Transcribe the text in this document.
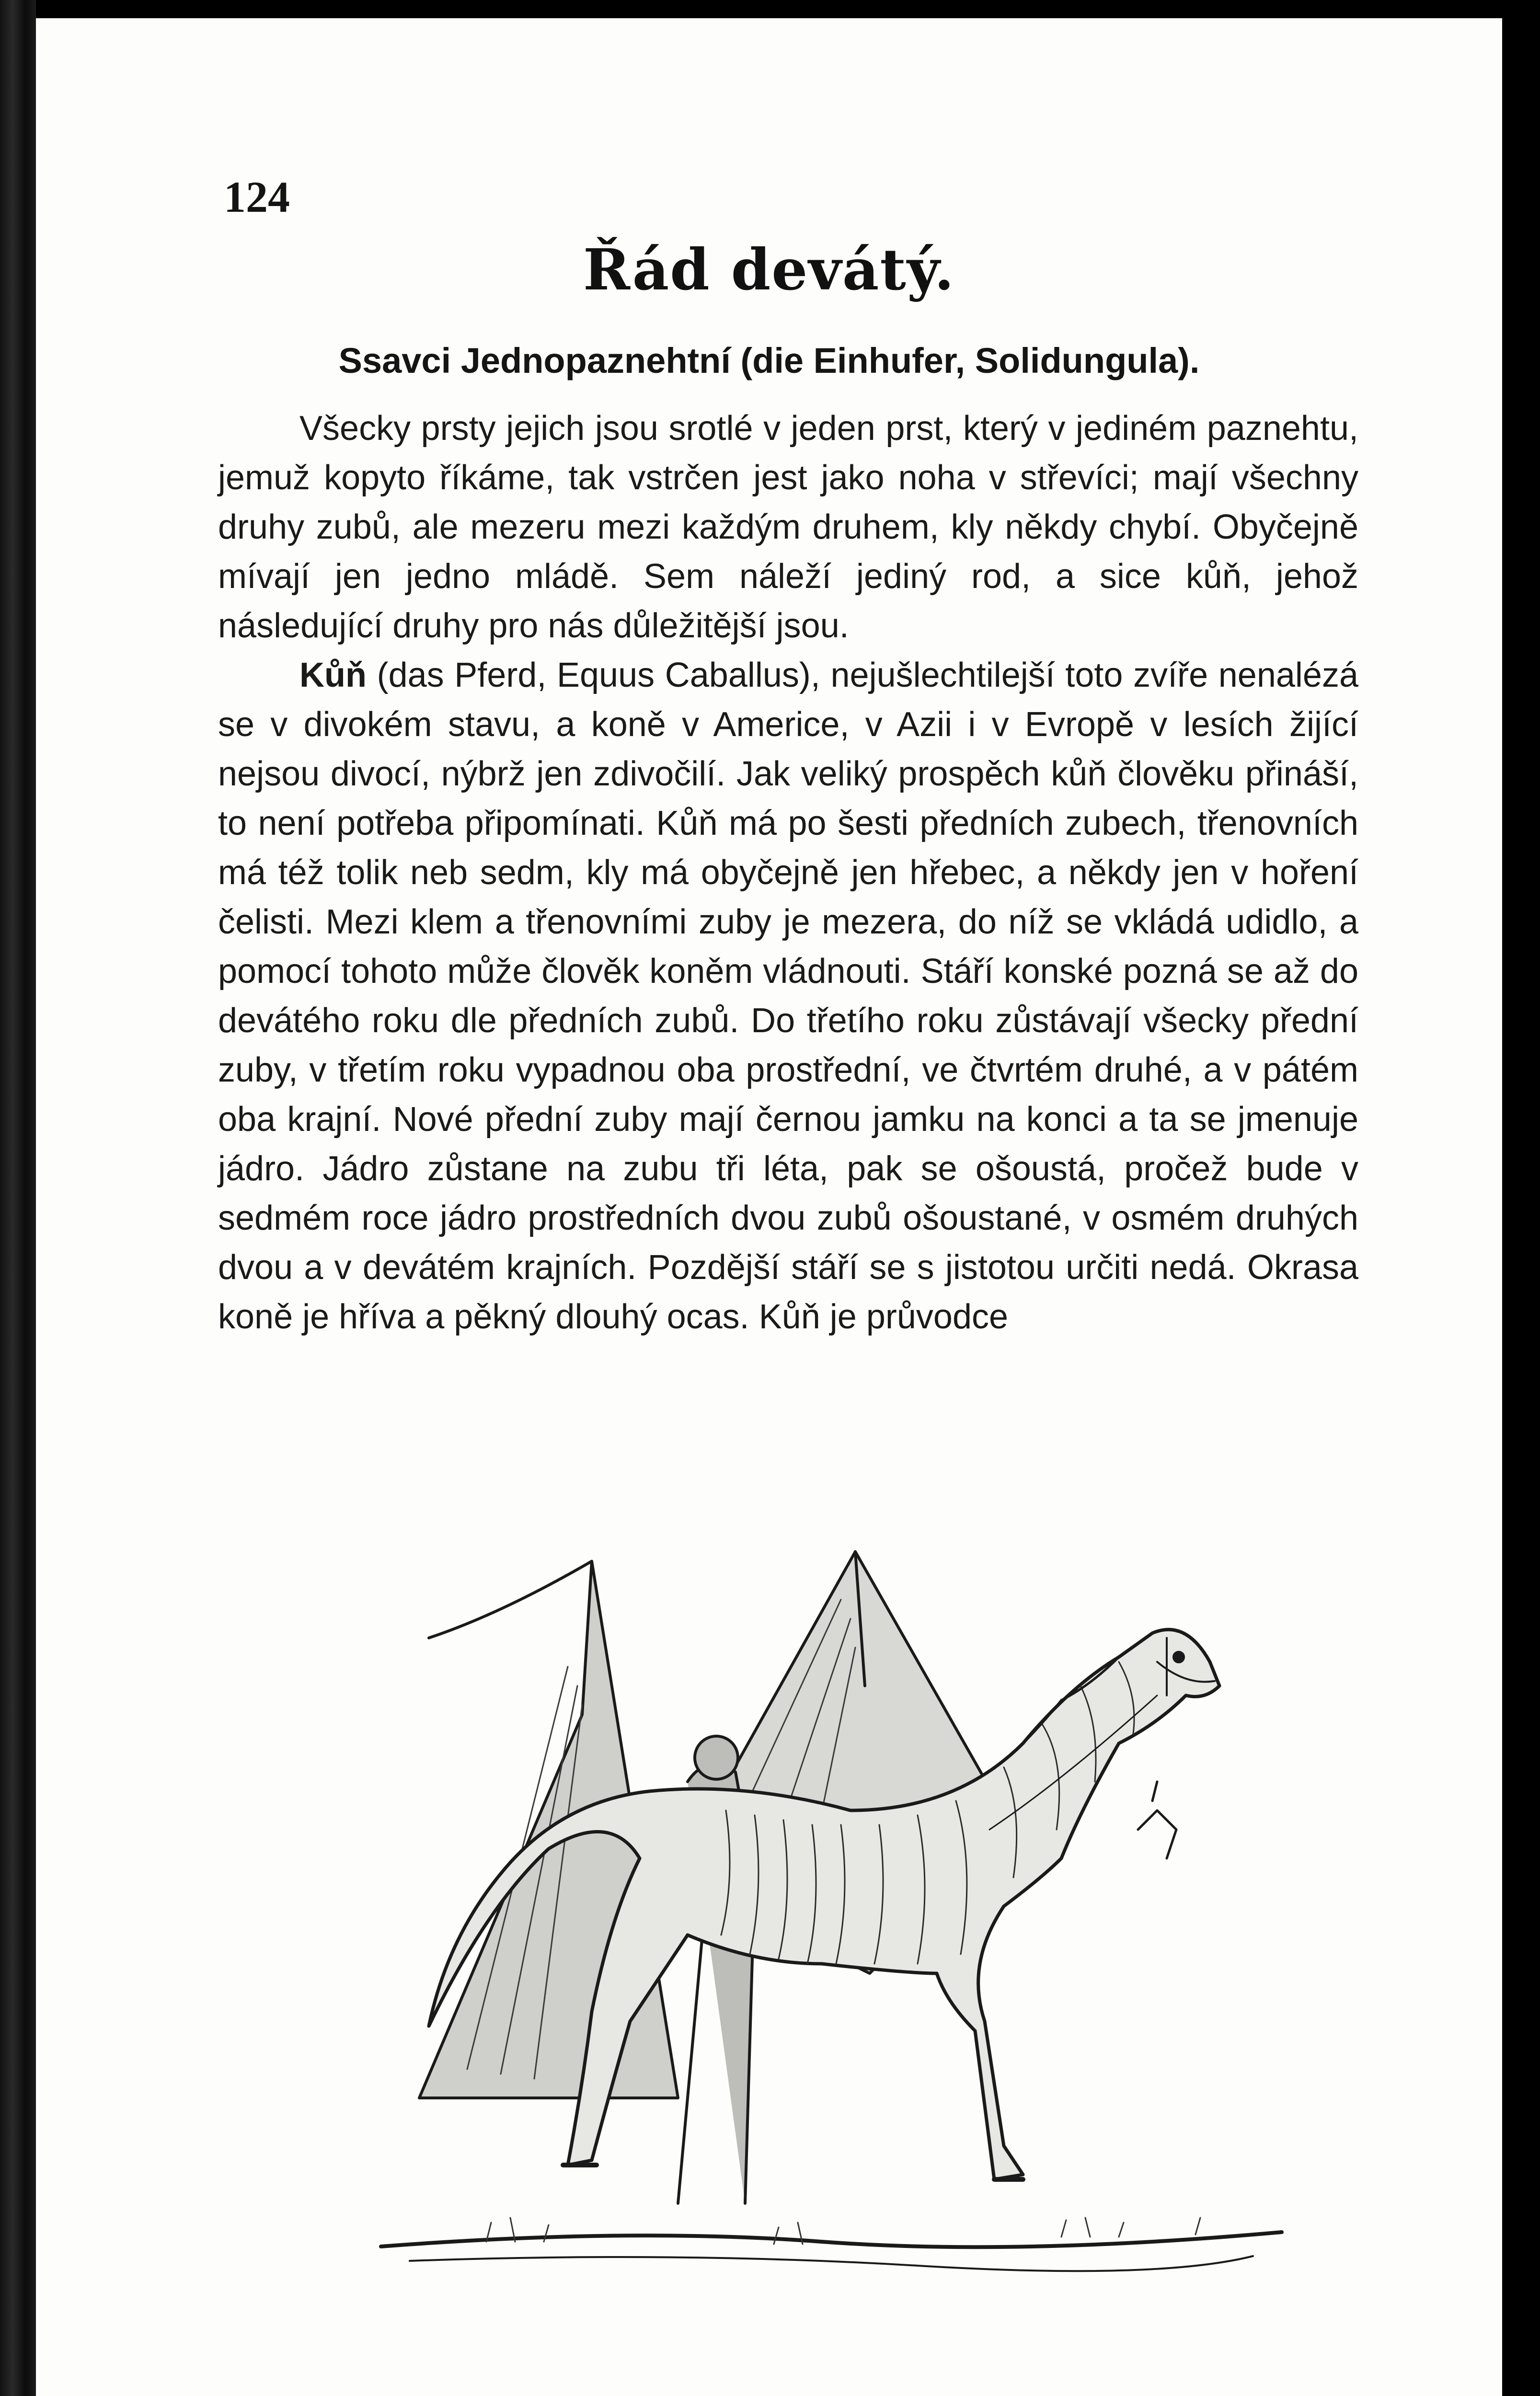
124

Řád devátý.
Ssavci Jednopaznehtní (die Einhufer, Solidungula).

Všecky prsty jejich jsou srotlé v jeden prst, který v jediném paznehtu, jemuž kopyto říkáme, tak vstrčen jest jako noha v střevíci; mají všechny druhy zubů, ale mezeru mezi každým druhem, kly někdy chybí. Obyčejně mívají jen jedno mládě. Sem náleží jediný rod, a sice kůň, jehož následující druhy pro nás důležitější jsou.

Kůň (das Pferd, Equus Caballus), nejušlechtilejší toto zvíře nenalézá se v divokém stavu, a koně v Americe, v Azii i v Evropě v lesích žijící nejsou divocí, nýbrž jen zdivočilí. Jak veliký prospěch kůň člověku přináší, to není potřeba připomínati. Kůň má po šesti předních zubech, třenovních má též tolik neb sedm, kly má obyčejně jen hřebec, a někdy jen v hoření čelisti. Mezi klem a třenovními zuby je mezera, do níž se vkládá udidlo, a pomocí tohoto může člověk koněm vládnouti. Stáří konské pozná se až do devátého roku dle předních zubů. Do třetího roku zůstávají všecky přední zuby, v třetím roku vypadnou oba prostřední, ve čtvrtém druhé, a v pátém oba krajní. Nové přední zuby mají černou jamku na konci a ta se jmenuje jádro. Jádro zůstane na zubu tři léta, pak se ošoustá, pročež bude v sedmém roce jádro prostředních dvou zubů ošoustané, v osmém druhých dvou a v devátém krajních. Pozdější stáří se s jistotou určiti nedá. Okrasa koně je hříva a pěkný dlouhý ocas. Kůň je průvodce
